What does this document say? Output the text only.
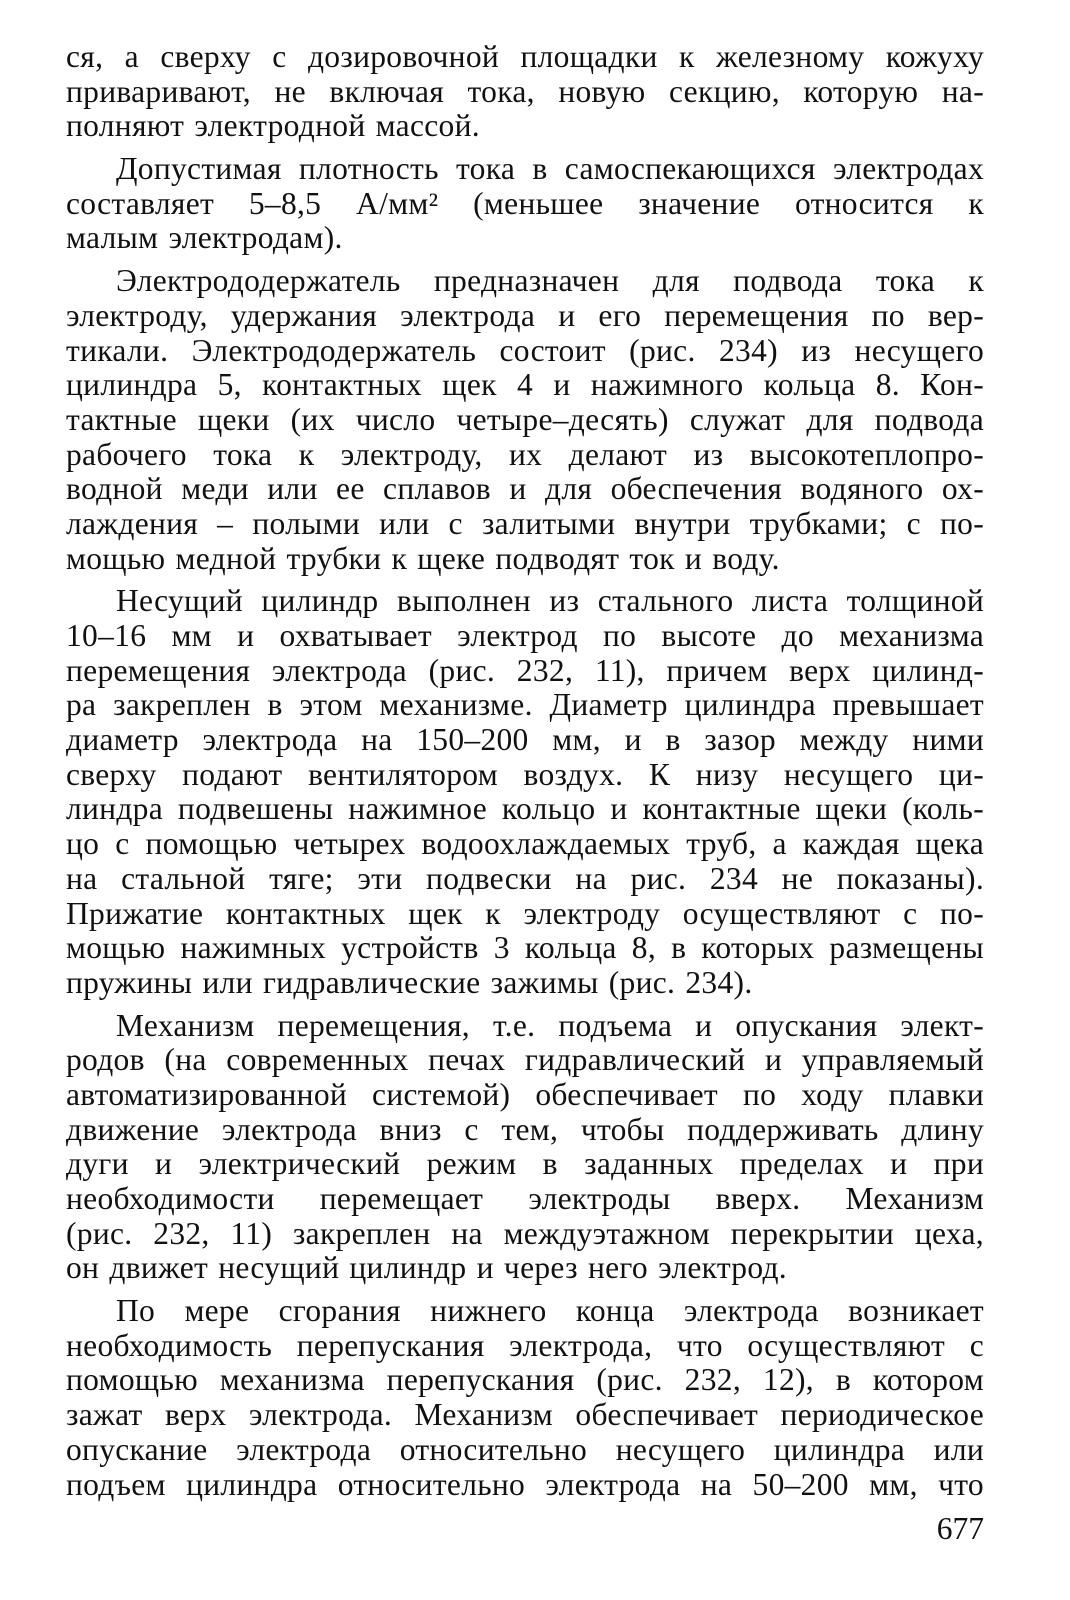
ся, а сверху с дозировочной площадки к железному кожуху
приваривают, не включая тока, новую секцию, которую на-
полняют электродной массой.

Допустимая плотность тока в самоспекающихся электродах
составляет 5–8,5 А/мм² (меньшее значение относится к
малым электродам).

Электрододержатель предназначен для подвода тока к
электроду, удержания электрода и его перемещения по вер-
тикали. Электрододержатель состоит (рис. 234) из несущего
цилиндра 5, контактных щек 4 и нажимного кольца 8. Кон-
тактные щеки (их число четыре–десять) служат для подвода
рабочего тока к электроду, их делают из высокотеплопро-
водной меди или ее сплавов и для обеспечения водяного ох-
лаждения – полыми или с залитыми внутри трубками; с по-
мощью медной трубки к щеке подводят ток и воду.

Несущий цилиндр выполнен из стального листа толщиной
10–16 мм и охватывает электрод по высоте до механизма
перемещения электрода (рис. 232, 11), причем верх цилинд-
ра закреплен в этом механизме. Диаметр цилиндра превышает
диаметр электрода на 150–200 мм, и в зазор между ними
сверху подают вентилятором воздух. К низу несущего ци-
линдра подвешены нажимное кольцо и контактные щеки (коль-
цо с помощью четырех водоохлаждаемых труб, а каждая щека
на стальной тяге; эти подвески на рис. 234 не показаны).
Прижатие контактных щек к электроду осуществляют с по-
мощью нажимных устройств 3 кольца 8, в которых размещены
пружины или гидравлические зажимы (рис. 234).

Механизм перемещения, т.е. подъема и опускания элект-
родов (на современных печах гидравлический и управляемый
автоматизированной системой) обеспечивает по ходу плавки
движение электрода вниз с тем, чтобы поддерживать длину
дуги и электрический режим в заданных пределах и при
необходимости перемещает электроды вверх. Механизм
(рис. 232, 11) закреплен на междуэтажном перекрытии цеха,
он движет несущий цилиндр и через него электрод.

По мере сгорания нижнего конца электрода возникает
необходимость перепускания электрода, что осуществляют с
помощью механизма перепускания (рис. 232, 12), в котором
зажат верх электрода. Механизм обеспечивает периодическое
опускание электрода относительно несущего цилиндра или
подъем цилиндра относительно электрода на 50–200 мм, что

677
